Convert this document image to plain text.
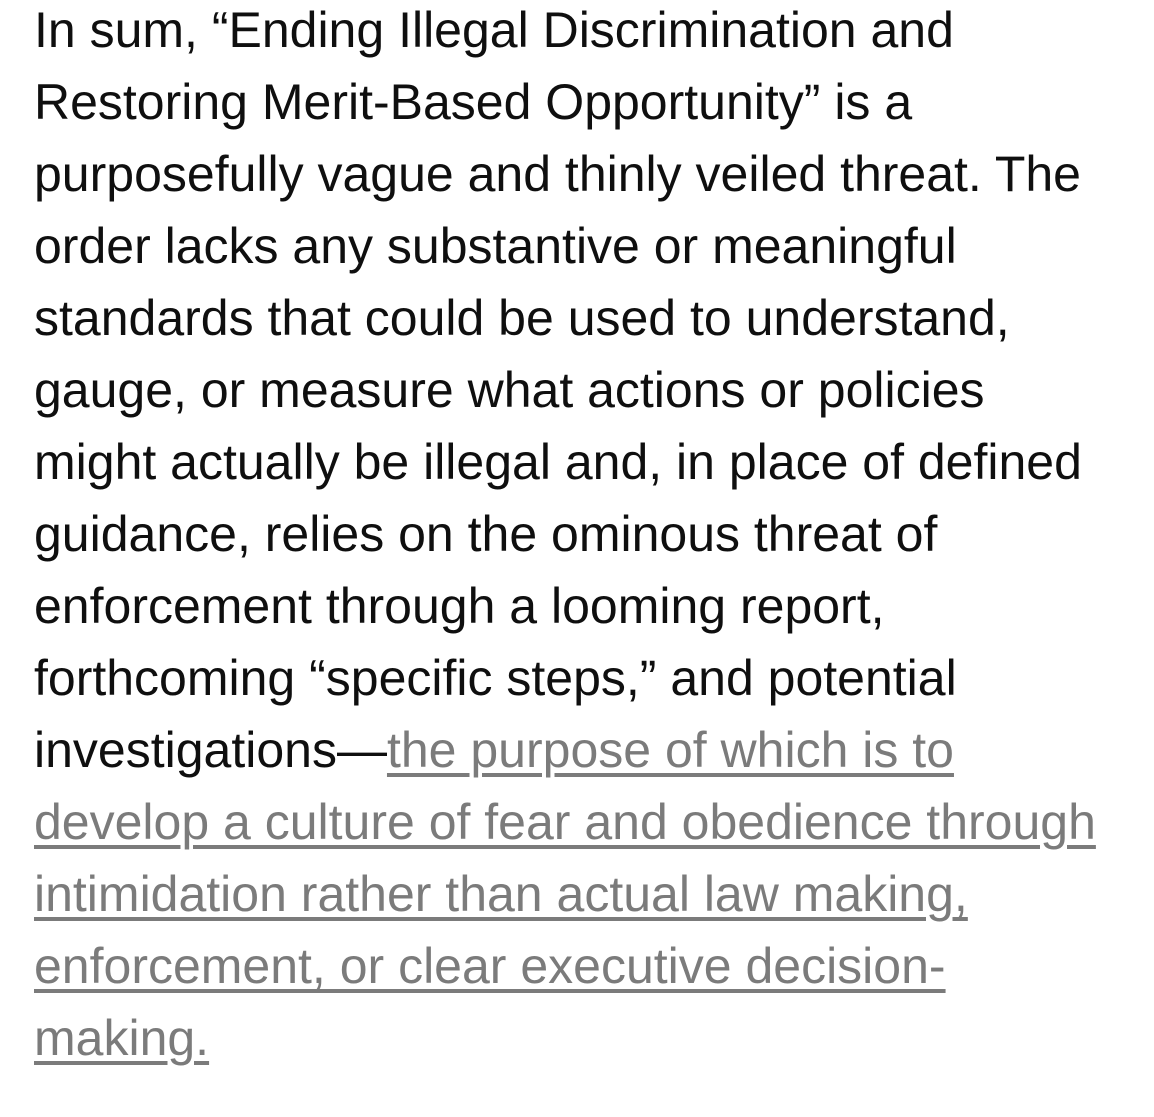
In sum, “Ending Illegal Discrimination and
Restoring Merit-Based Opportunity” is a
purposefully vague and thinly veiled threat. The
order lacks any substantive or meaningful
standards that could be used to understand,
gauge, or measure what actions or policies
might actually be illegal and, in place of defined
guidance, relies on the ominous threat of
enforcement through a looming report,
forthcoming “specific steps,” and potential
investigations—the purpose of which is to
develop a culture of fear and obedience through
intimidation rather than actual law making,
enforcement, or clear executive decision-
making.
